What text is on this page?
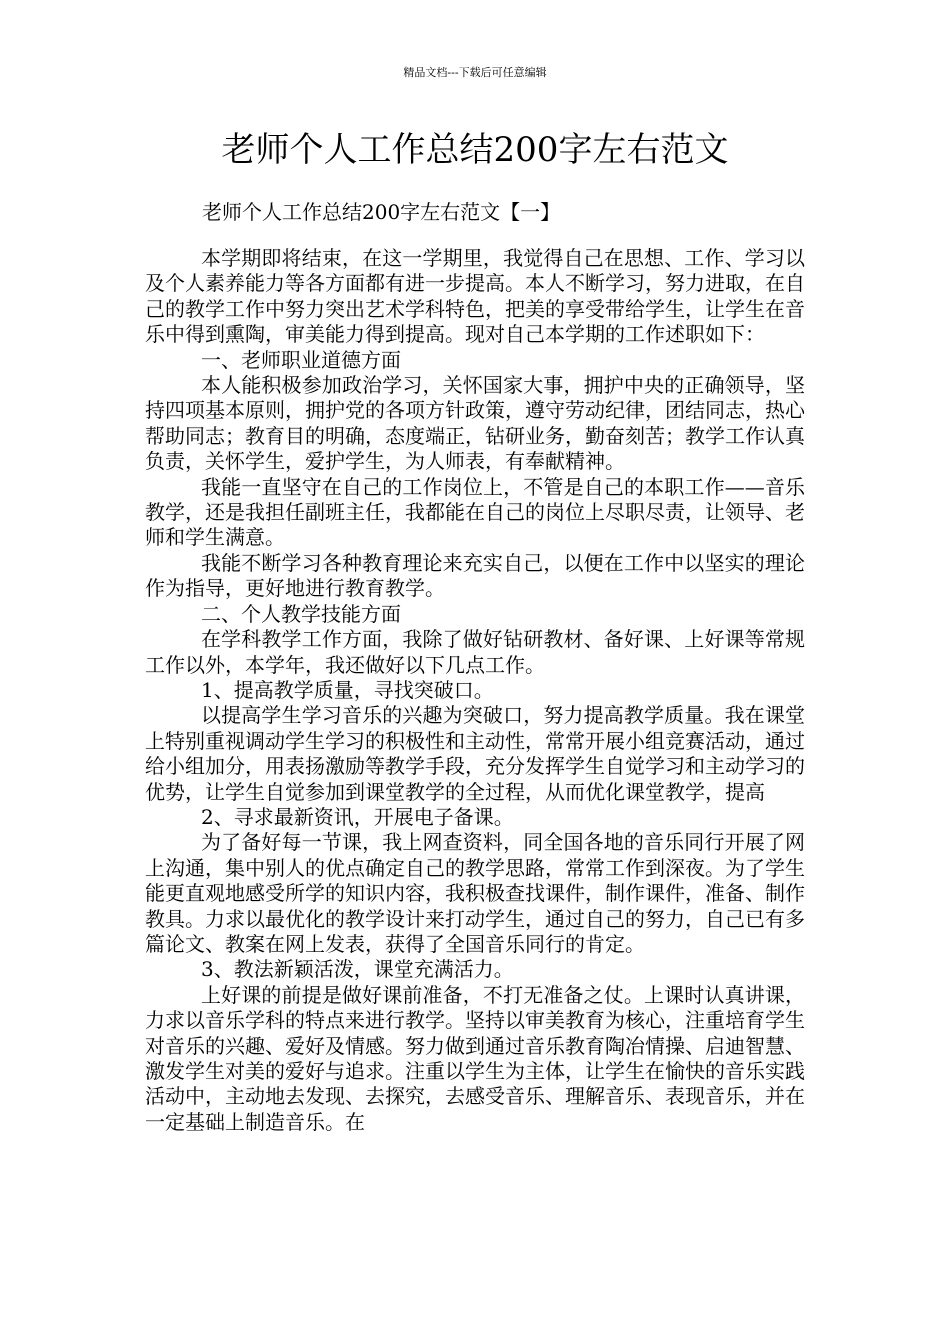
精品文档---下载后可任意编辑
老师个人工作总结200字左右范文
老师个人工作总结200字左右范文【一】

本学期即将结束，在这一学期里，我觉得自己在思想、工作、学习以及个人素养能力等各方面都有进一步提高。本人不断学习，努力进取，在自己的教学工作中努力突出艺术学科特色，把美的享受带给学生，让学生在音乐中得到熏陶，审美能力得到提高。现对自己本学期的工作述职如下：

一、老师职业道德方面

本人能积极参加政治学习，关怀国家大事，拥护中央的正确领导，坚持四项基本原则，拥护党的各项方针政策，遵守劳动纪律，团结同志，热心帮助同志；教育目的明确，态度端正，钻研业务，勤奋刻苦；教学工作认真负责，关怀学生，爱护学生，为人师表，有奉献精神。

我能一直坚守在自己的工作岗位上，不管是自己的本职工作——音乐教学，还是我担任副班主任，我都能在自己的岗位上尽职尽责，让领导、老师和学生满意。

我能不断学习各种教育理论来充实自己，以便在工作中以坚实的理论作为指导，更好地进行教育教学。

二、个人教学技能方面

在学科教学工作方面，我除了做好钻研教材、备好课、上好课等常规工作以外，本学年，我还做好以下几点工作。

1、提高教学质量，寻找突破口。

以提高学生学习音乐的兴趣为突破口，努力提高教学质量。我在课堂上特别重视调动学生学习的积极性和主动性，常常开展小组竞赛活动，通过给小组加分，用表扬激励等教学手段，充分发挥学生自觉学习和主动学习的优势，让学生自觉参加到课堂教学的全过程，从而优化课堂教学，提高

2、寻求最新资讯，开展电子备课。

为了备好每一节课，我上网查资料，同全国各地的音乐同行开展了网上沟通，集中别人的优点确定自己的教学思路，常常工作到深夜。为了学生能更直观地感受所学的知识内容，我积极查找课件，制作课件，准备、制作教具。力求以最优化的教学设计来打动学生，通过自己的努力，自己已有多篇论文、教案在网上发表，获得了全国音乐同行的肯定。

3、教法新颖活泼，课堂充满活力。

上好课的前提是做好课前准备，不打无准备之仗。上课时认真讲课，力求以音乐学科的特点来进行教学。坚持以审美教育为核心，注重培育学生对音乐的兴趣、爱好及情感。努力做到通过音乐教育陶冶情操、启迪智慧、激发学生对美的爱好与追求。注重以学生为主体，让学生在愉快的音乐实践活动中，主动地去发现、去探究，去感受音乐、理解音乐、表现音乐，并在一定基础上制造音乐。在
